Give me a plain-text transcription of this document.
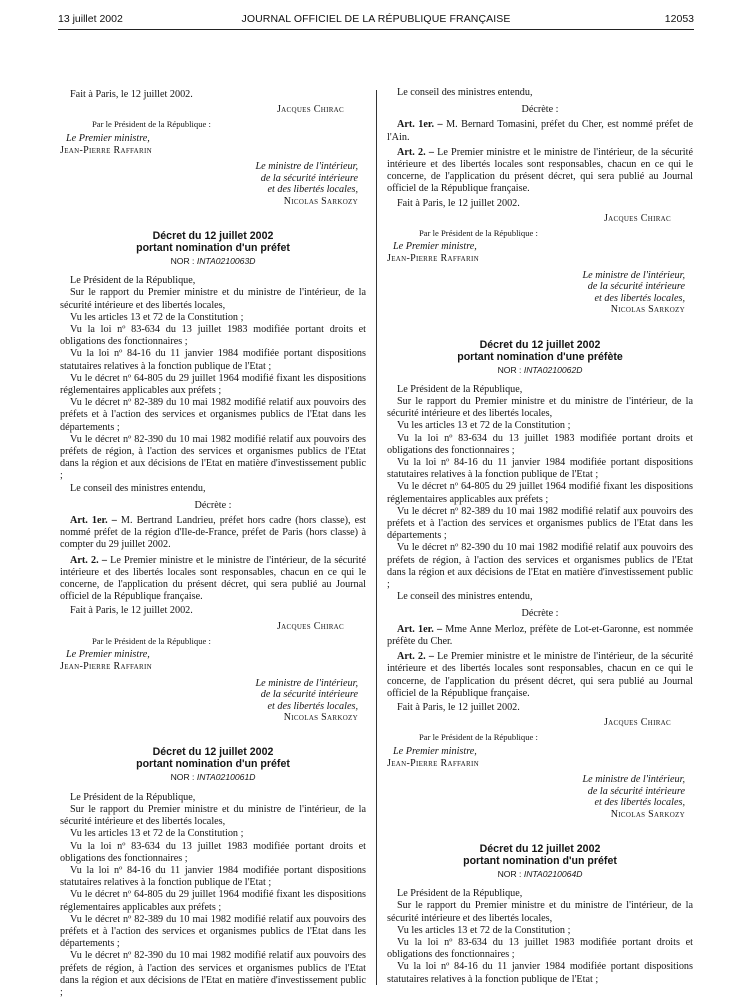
13 juillet 2002	JOURNAL OFFICIEL DE LA RÉPUBLIQUE FRANÇAISE	12053

Fait à Paris, le 12 juillet 2002.

Jacques Chirac

Par le Président de la République :

Le Premier ministre,

Jean-Pierre Raffarin

Le ministre de l'intérieur,
de la sécurité intérieure
et des libertés locales,

Nicolas Sarkozy

Décret du 12 juillet 2002
portant nomination d'un préfet
NOR : INTA0210063D

Le Président de la République,

Sur le rapport du Premier ministre et du ministre de l'intérieur, de la sécurité intérieure et des libertés locales,

Vu les articles 13 et 72 de la Constitution ;

Vu la loi nº 83-634 du 13 juillet 1983 modifiée portant droits et obligations des fonctionnaires ;

Vu la loi nº 84-16 du 11 janvier 1984 modifiée portant dispositions statutaires relatives à la fonction publique de l'Etat ;

Vu le décret nº 64-805 du 29 juillet 1964 modifié fixant les dispositions réglementaires applicables aux préfets ;

Vu le décret nº 82-389 du 10 mai 1982 modifié relatif aux pouvoirs des préfets et à l'action des services et organismes publics de l'Etat dans les départements ;

Vu le décret nº 82-390 du 10 mai 1982 modifié relatif aux pouvoirs des préfets de région, à l'action des services et organismes publics de l'Etat dans la région et aux décisions de l'Etat en matière d'investissement public ;

Le conseil des ministres entendu,

Décrète :

Art. 1er. – M. Bertrand Landrieu, préfet hors cadre (hors classe), est nommé préfet de la région d'Ile-de-France, préfet de Paris (hors classe) à compter du 29 juillet 2002.

Art. 2. – Le Premier ministre et le ministre de l'intérieur, de la sécurité intérieure et des libertés locales sont responsables, chacun en ce qui le concerne, de l'application du présent décret, qui sera publié au Journal officiel de la République française.

Fait à Paris, le 12 juillet 2002.

Jacques Chirac

Par le Président de la République :

Le Premier ministre,

Jean-Pierre Raffarin

Le ministre de l'intérieur,
de la sécurité intérieure
et des libertés locales,

Nicolas Sarkozy

Décret du 12 juillet 2002
portant nomination d'un préfet
NOR : INTA0210061D

Le Président de la République,

Sur le rapport du Premier ministre et du ministre de l'intérieur, de la sécurité intérieure et des libertés locales,

Vu les articles 13 et 72 de la Constitution ;

Vu la loi nº 83-634 du 13 juillet 1983 modifiée portant droits et obligations des fonctionnaires ;

Vu la loi nº 84-16 du 11 janvier 1984 modifiée portant dispositions statutaires relatives à la fonction publique de l'Etat ;

Vu le décret nº 64-805 du 29 juillet 1964 modifié fixant les dispositions réglementaires applicables aux préfets ;

Vu le décret nº 82-389 du 10 mai 1982 modifié relatif aux pouvoirs des préfets et à l'action des services et organismes publics de l'Etat dans les départements ;

Vu le décret nº 82-390 du 10 mai 1982 modifié relatif aux pouvoirs des préfets de région, à l'action des services et organismes publics de l'Etat dans la région et aux décisions de l'Etat en matière d'investissement public ;

Le conseil des ministres entendu,

Décrète :

Art. 1er. – M. Bernard Tomasini, préfet du Cher, est nommé préfet de l'Ain.

Art. 2. – Le Premier ministre et le ministre de l'intérieur, de la sécurité intérieure et des libertés locales sont responsables, chacun en ce qui le concerne, de l'application du présent décret, qui sera publié au Journal officiel de la République française.

Fait à Paris, le 12 juillet 2002.

Jacques Chirac

Par le Président de la République :

Le Premier ministre,

Jean-Pierre Raffarin

Le ministre de l'intérieur,
de la sécurité intérieure
et des libertés locales,

Nicolas Sarkozy

Décret du 12 juillet 2002
portant nomination d'une préfète
NOR : INTA0210062D

Le Président de la République,

Sur le rapport du Premier ministre et du ministre de l'intérieur, de la sécurité intérieure et des libertés locales,

Vu les articles 13 et 72 de la Constitution ;

Vu la loi nº 83-634 du 13 juillet 1983 modifiée portant droits et obligations des fonctionnaires ;

Vu la loi nº 84-16 du 11 janvier 1984 modifiée portant dispositions statutaires relatives à la fonction publique de l'Etat ;

Vu le décret nº 64-805 du 29 juillet 1964 modifié fixant les dispositions réglementaires applicables aux préfets ;

Vu le décret nº 82-389 du 10 mai 1982 modifié relatif aux pouvoirs des préfets et à l'action des services et organismes publics de l'Etat dans les départements ;

Vu le décret nº 82-390 du 10 mai 1982 modifié relatif aux pouvoirs des préfets de région, à l'action des services et organismes publics de l'Etat dans la région et aux décisions de l'Etat en matière d'investissement public ;

Le conseil des ministres entendu,

Décrète :

Art. 1er. – Mme Anne Merloz, préfète de Lot-et-Garonne, est nommée préfète du Cher.

Art. 2. – Le Premier ministre et le ministre de l'intérieur, de la sécurité intérieure et des libertés locales sont responsables, chacun en ce qui le concerne, de l'application du présent décret, qui sera publié au Journal officiel de la République française.

Fait à Paris, le 12 juillet 2002.

Jacques Chirac

Par le Président de la République :

Le Premier ministre,

Jean-Pierre Raffarin

Le ministre de l'intérieur,
de la sécurité intérieure
et des libertés locales,

Nicolas Sarkozy

Décret du 12 juillet 2002
portant nomination d'un préfet
NOR : INTA0210064D

Le Président de la République,

Sur le rapport du Premier ministre et du ministre de l'intérieur, de la sécurité intérieure et des libertés locales,

Vu les articles 13 et 72 de la Constitution ;

Vu la loi nº 83-634 du 13 juillet 1983 modifiée portant droits et obligations des fonctionnaires ;

Vu la loi nº 84-16 du 11 janvier 1984 modifiée portant dispositions statutaires relatives à la fonction publique de l'Etat ;
